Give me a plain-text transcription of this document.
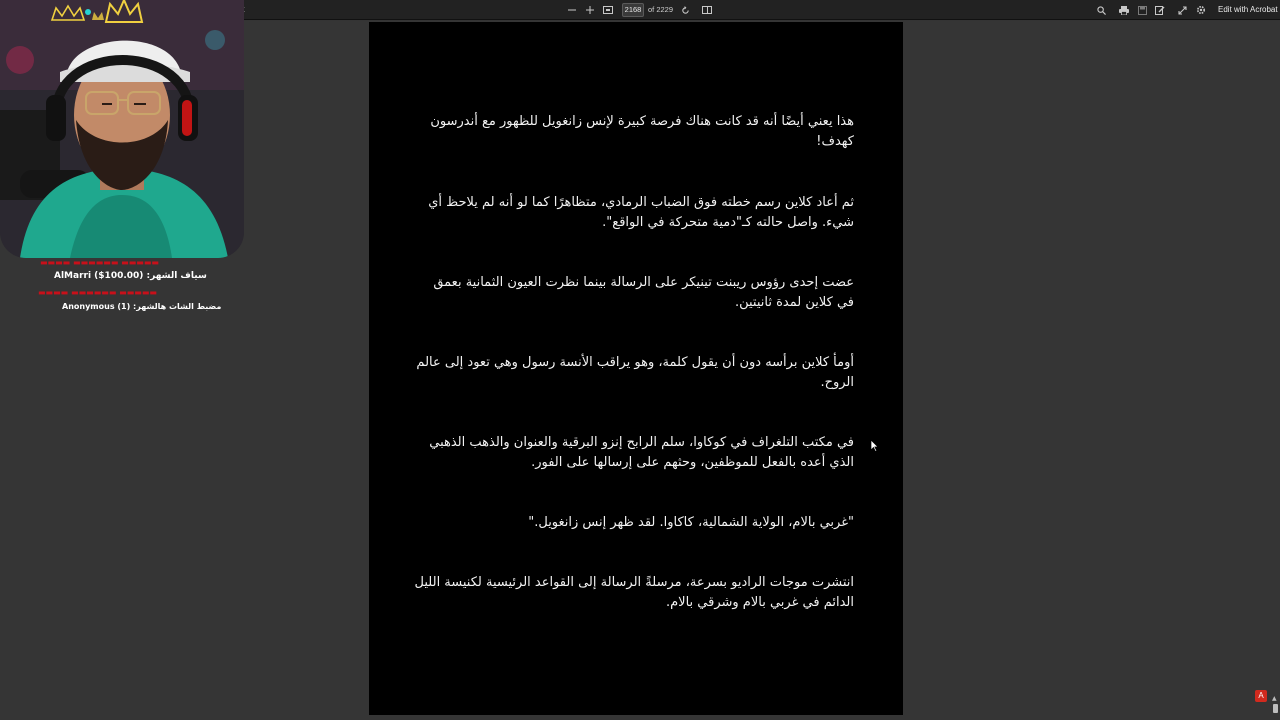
2168 of 2229	Edit with Acrobat

هذا يعني أيضًا أنه قد كانت هناك فرصة كبيرة لإنس زانغويل للظهور مع أندرسون كهدف!

ثم أعاد كلاين رسم خطته فوق الضباب الرمادي، متظاهرًا كما لو أنه لم يلاحظ أي شيء. واصل حالته كـ"دمية متحركة في الواقع".

عضت إحدى رؤوس ريبنت تينيكر على الرسالة بينما نظرت العيون الثمانية بعمق في كلاين لمدة ثانيتين.

أومأ كلاين برأسه دون أن يقول كلمة، وهو يراقب الأنسة رسول وهي تعود إلى عالم الروح.

في مكتب التلغراف في كوكاوا، سلم الرابح إنزو البرقية والعنوان والذهب الذهبي الذي أعده بالفعل للموظفين، وحثهم على إرسالها على الفور.

"غربي بالام، الولاية الشمالية، كاكاوا. لقد ظهر إنس زانغويل."

انتشرت موجات الراديو بسرعة، مرسلةً الرسالة إلى القواعد الرئيسية لكنيسة الليل الدائم في غربي بالام وشرقي بالام.

▲
A
▬▬▬▬▬ ▬▬▬▬▬▬ ▬▬▬▬
سياف الشهر: AlMarri ($100.00)
▬▬▬▬▬ ▬▬▬▬▬▬ ▬▬▬▬
مضبط الشات هالشهر: Anonymous (1)
